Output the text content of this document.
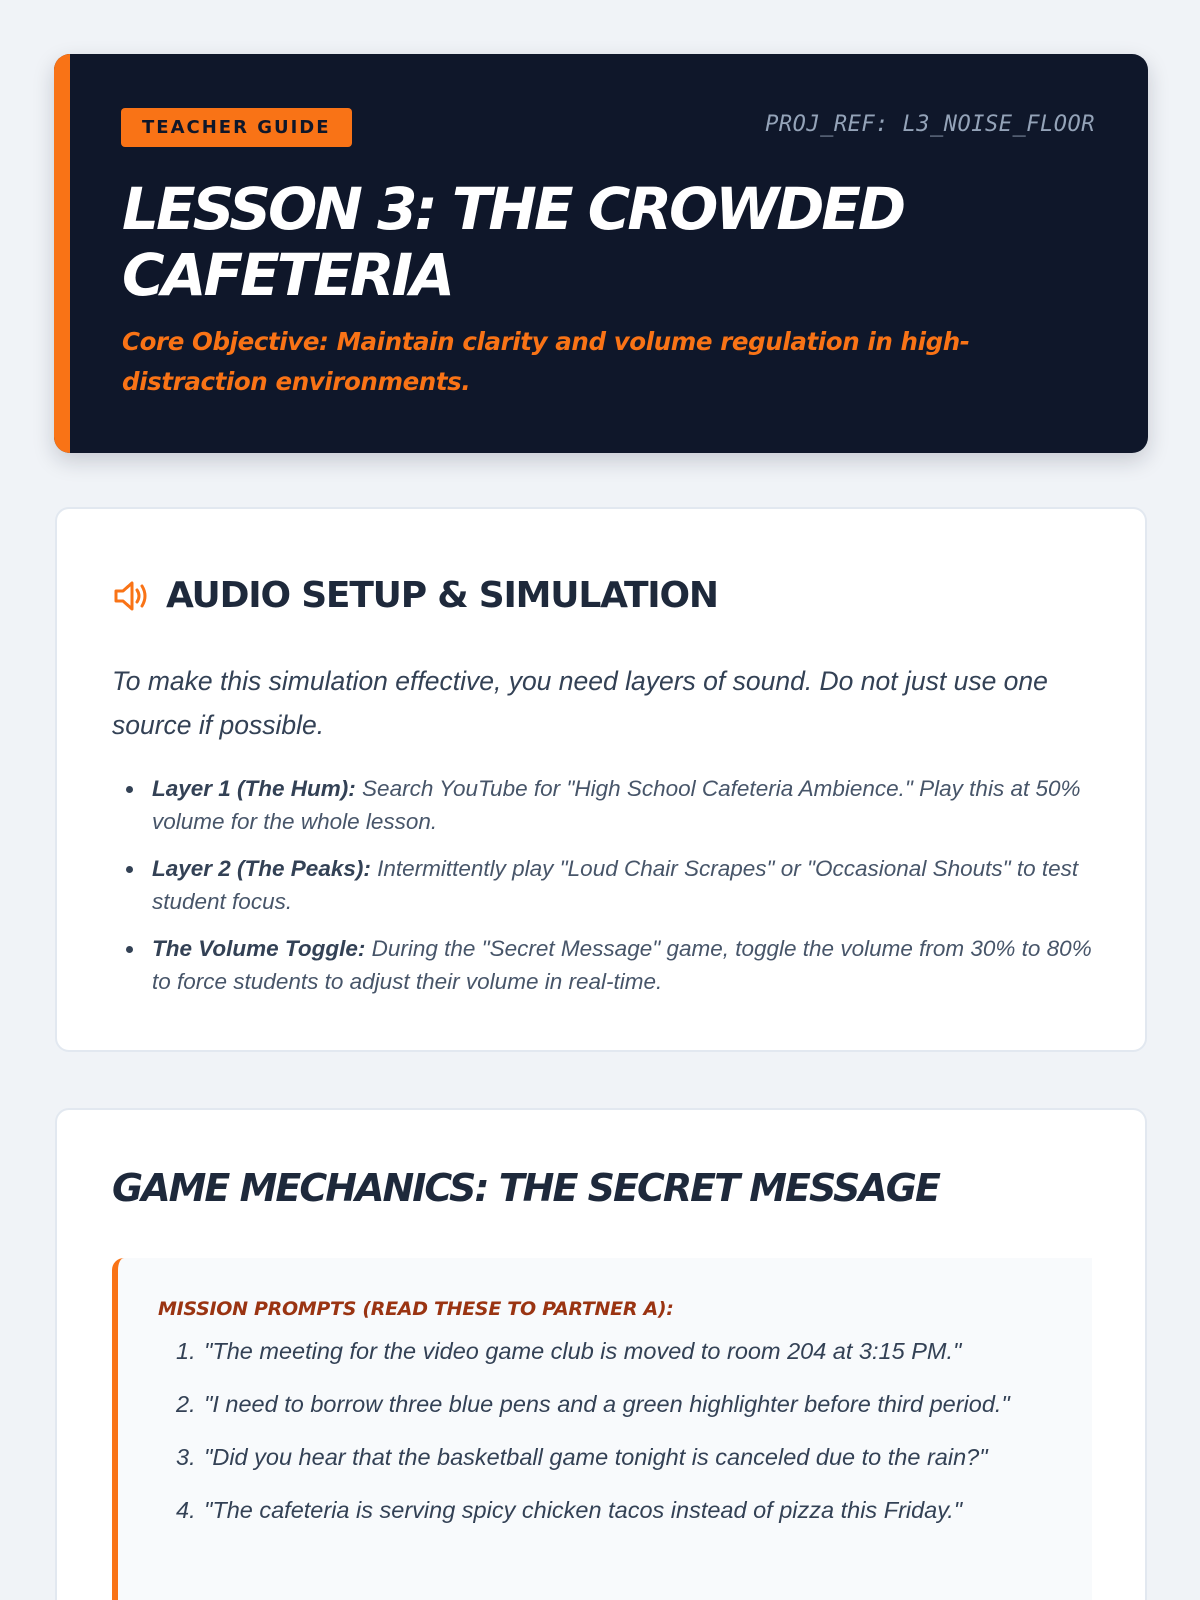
TEACHER GUIDE	PROJ_REF: L3_NOISE_FLOOR
LESSON 3: THE CROWDED CAFETERIA

Core Objective: Maintain clarity and volume regulation in high-distraction environments.

AUDIO SETUP & SIMULATION

To make this simulation effective, you need layers of sound. Do not just use one source if possible.

Layer 1 (The Hum): Search YouTube for "High School Cafeteria Ambience." Play this at 50% volume for the whole lesson.
Layer 2 (The Peaks): Intermittently play "Loud Chair Scrapes" or "Occasional Shouts" to test student focus.
The Volume Toggle: During the "Secret Message" game, toggle the volume from 30% to 80% to force students to adjust their volume in real-time.
GAME MECHANICS: THE SECRET MESSAGE
MISSION PROMPTS (READ THESE TO PARTNER A):
1. "The meeting for the video game club is moved to room 204 at 3:15 PM."
2. "I need to borrow three blue pens and a green highlighter before third period."
3. "Did you hear that the basketball game tonight is canceled due to the rain?"
4. "The cafeteria is serving spicy chicken tacos instead of pizza this Friday."
